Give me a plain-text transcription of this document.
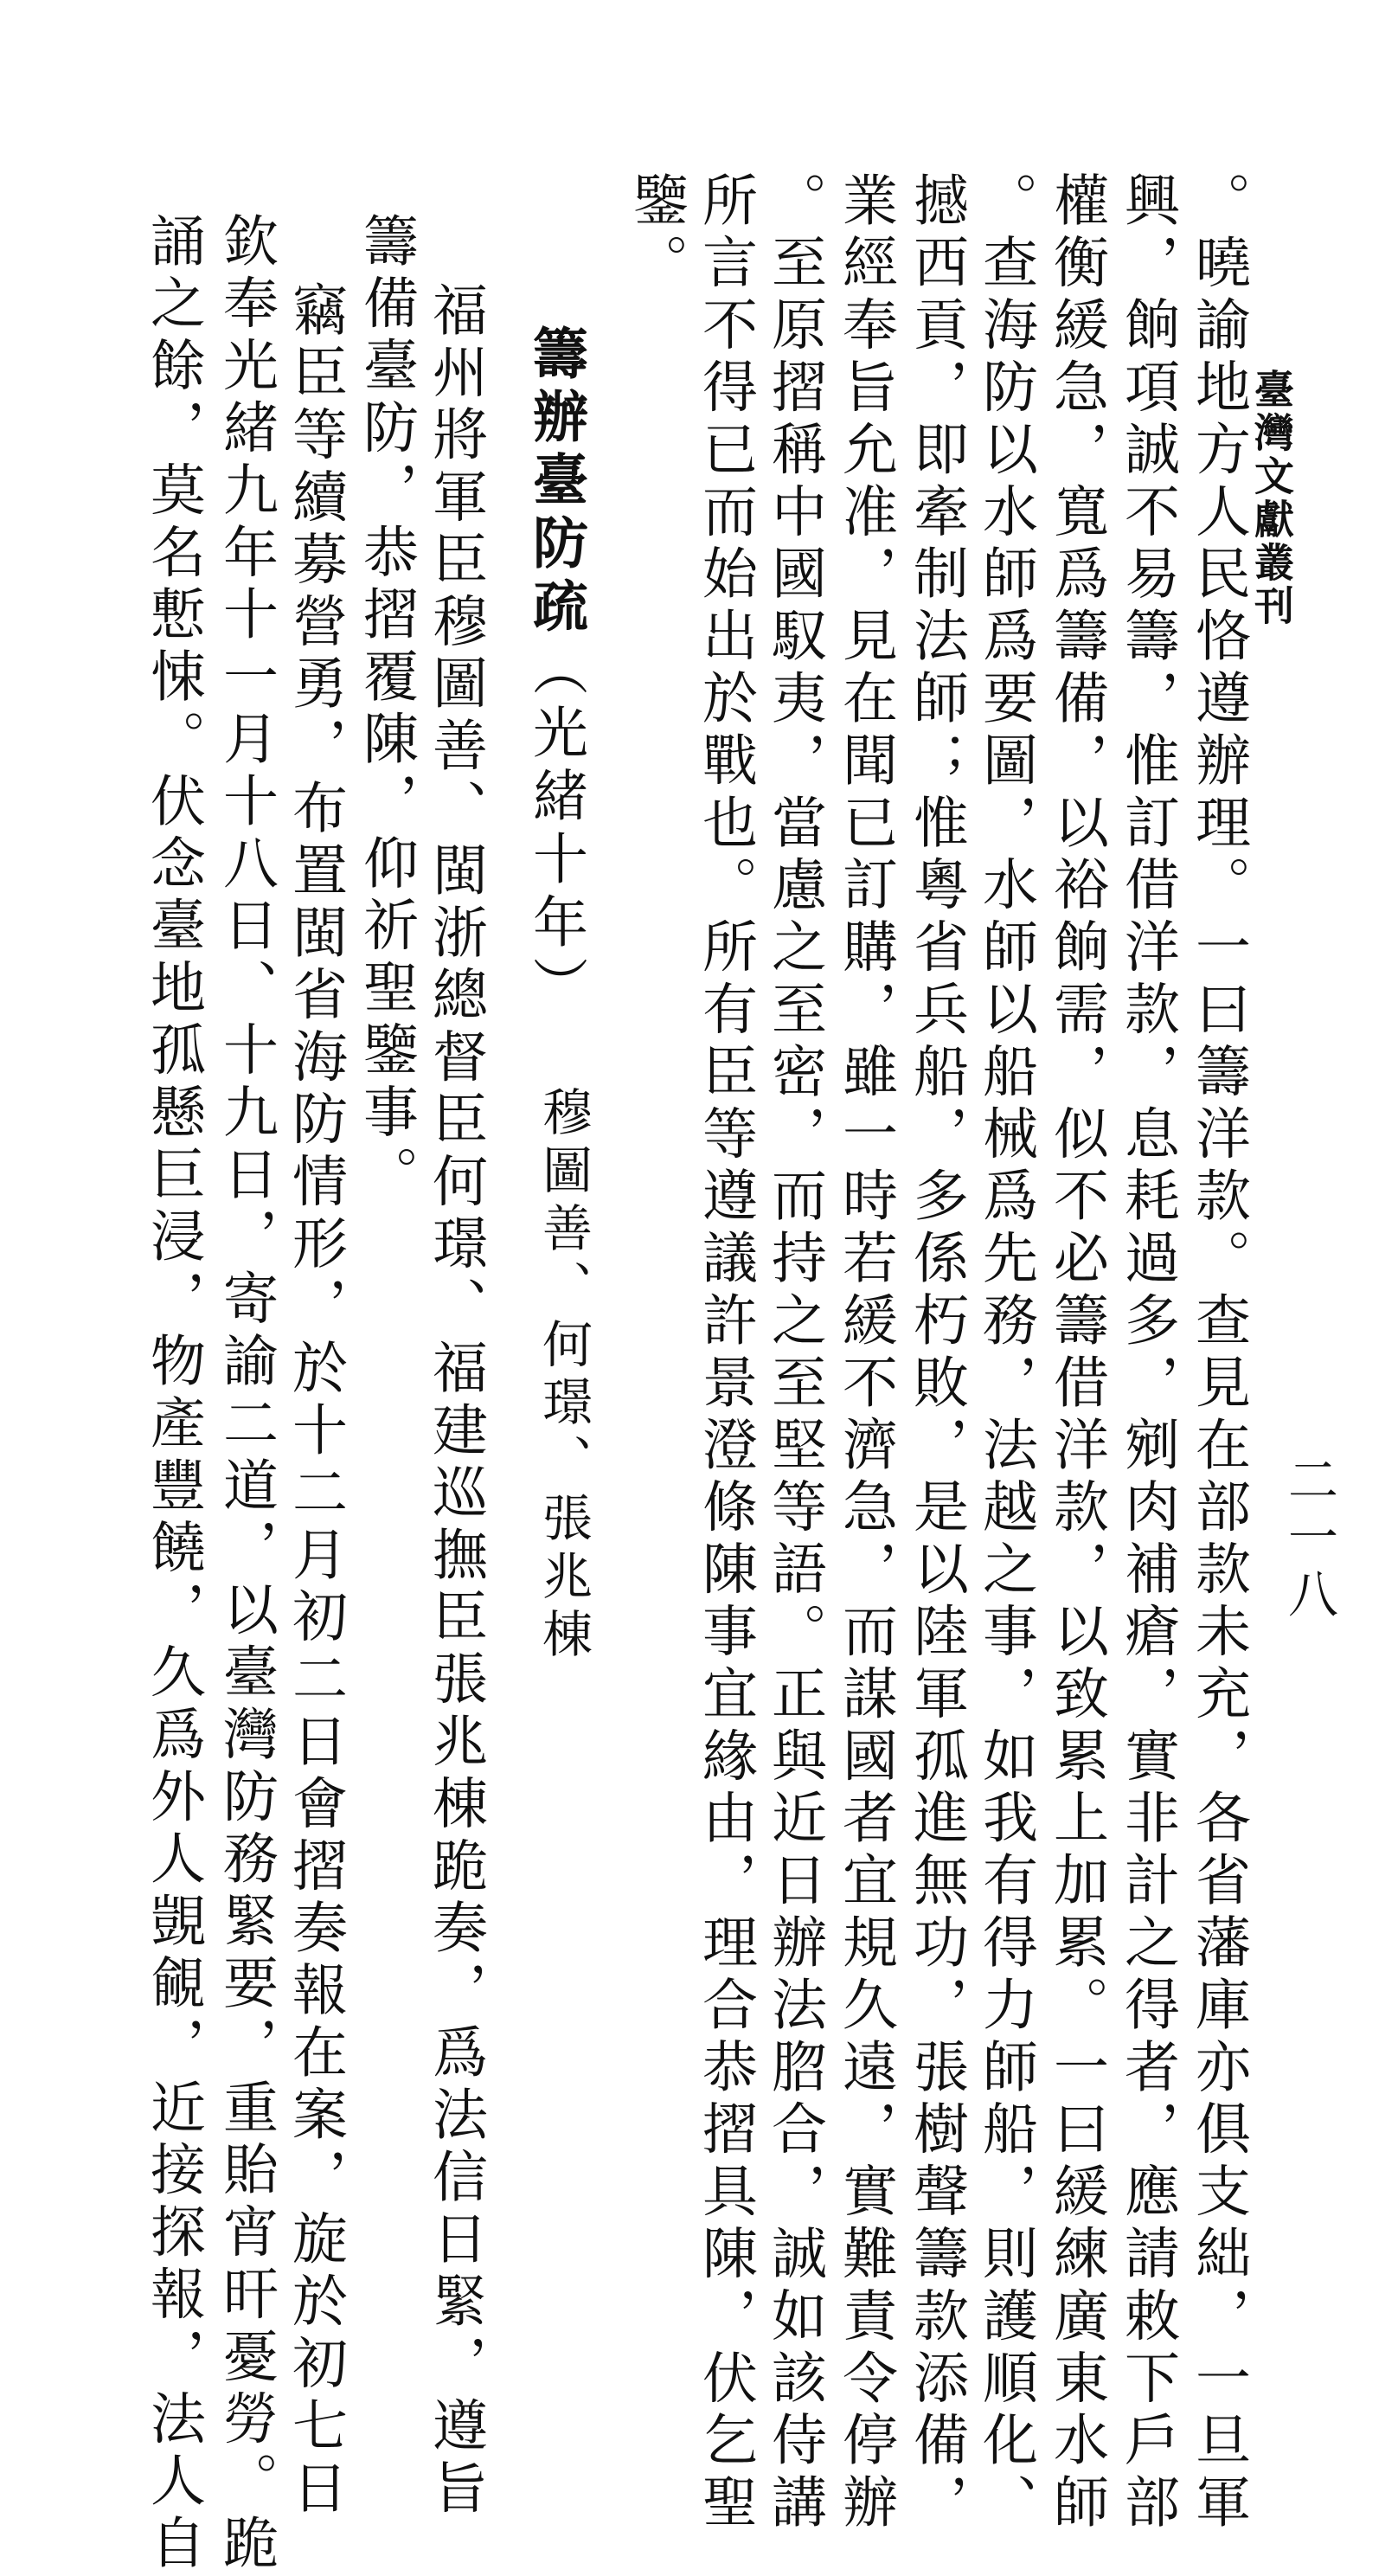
臺灣文獻叢刊
二一八
。曉諭地方人民恪遵辦理。一曰籌洋款。查見在部款未充，各省藩庫亦俱支絀，一旦軍
興，餉項誠不易籌，惟訂借洋款，息耗過多，剜肉補瘡，實非計之得者，應請敕下戶部
權衡緩急，寬爲籌備，以裕餉需，似不必籌借洋款，以致累上加累。一曰緩練廣東水師
。查海防以水師爲要圖，水師以船械爲先務，法越之事，如我有得力師船，則護順化、
撼西貢，即牽制法師；惟粵省兵船，多係朽敗，是以陸軍孤進無功，張樹聲籌款添備，
業經奉旨允准，見在聞已訂購，雖一時若緩不濟急，而謀國者宜規久遠，實難責令停辦
。至原摺稱中國馭夷，當慮之至密，而持之至堅等語。正與近日辦法脗合，誠如該侍講
所言不得已而始出於戰也。所有臣等遵議許景澄條陳事宜緣由，理合恭摺具陳，伏乞聖
鑒。
籌辦臺防疏（光緒十年）
穆圖善、何璟、張兆棟
福州將軍臣穆圖善、閩浙總督臣何璟、福建巡撫臣張兆棟跪奏，爲法信日緊，遵旨
籌備臺防，恭摺覆陳，仰祈聖鑒事。
竊臣等續募營勇，布置閩省海防情形，於十二月初二日會摺奏報在案，旋於初七日
欽奉光緒九年十一月十八日、十九日，寄諭二道，以臺灣防務緊要，重貽宵旰憂勞。跪
誦之餘，莫名慙悚。伏念臺地孤懸巨浸，物產豐饒，久爲外人覬覦，近接探報，法人自
